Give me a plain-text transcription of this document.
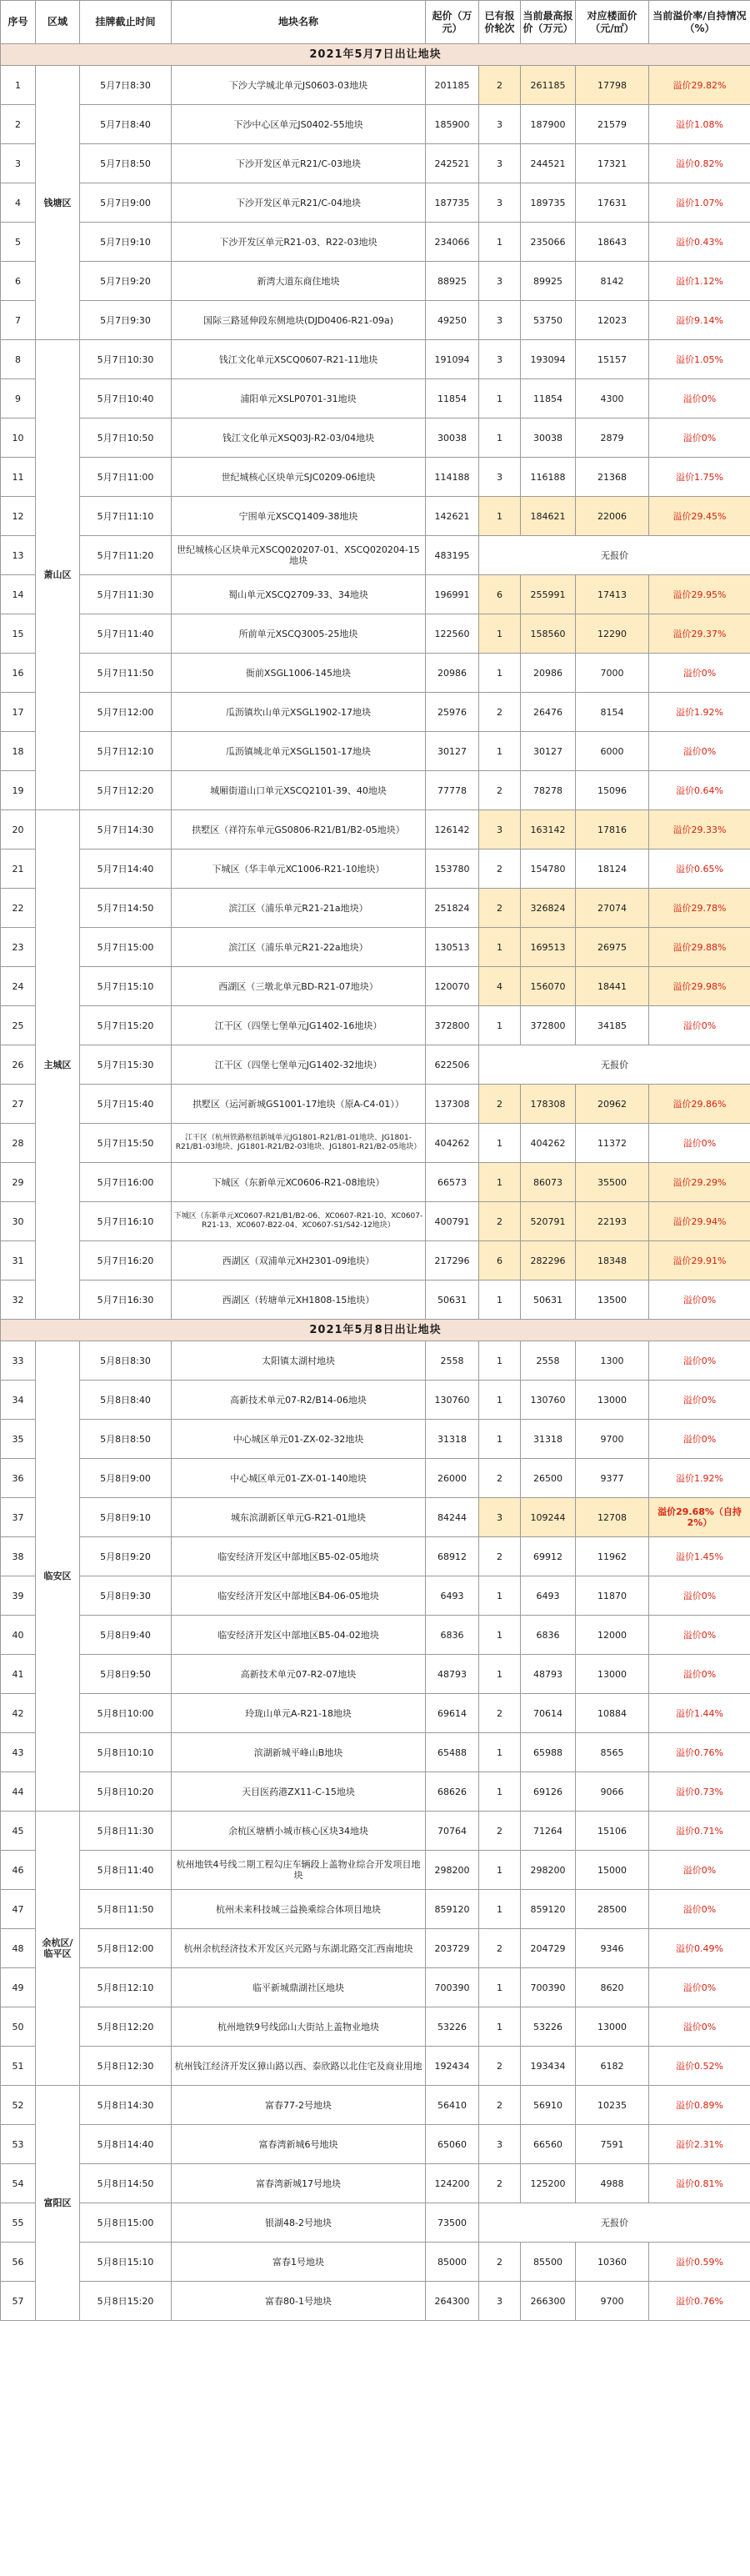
序号	区域	挂牌截止时间	地块名称	起价（万元）	已有报价轮次	当前最高报价（万元）	对应楼面价（元/㎡）	当前溢价率/自持情况（%）
2021年5月7日出让地块								
1	钱塘区	5月7日8:30	下沙大学城北单元JS0603-03地块	201185	2	261185	17798	溢价29.82%
2		5月7日8:40	下沙中心区单元JS0402-55地块	185900	3	187900	21579	溢价1.08%
3		5月7日8:50	下沙开发区单元R21/C-03地块	242521	3	244521	17321	溢价0.82%
4		5月7日9:00	下沙开发区单元R21/C-04地块	187735	3	189735	17631	溢价1.07%
5		5月7日9:10	下沙开发区单元R21-03、R22-03地块	234066	1	235066	18643	溢价0.43%
6		5月7日9:20	新湾大道东商住地块	88925	3	89925	8142	溢价1.12%
7		5月7日9:30	国际三路延伸段东侧地块(DJD0406-R21-09a)	49250	3	53750	12023	溢价9.14%
8	萧山区	5月7日10:30	钱江文化单元XSCQ0607-R21-11地块	191094	3	193094	15157	溢价1.05%
9		5月7日10:40	浦阳单元XSLP0701-31地块	11854	1	11854	4300	溢价0%
10		5月7日10:50	钱江文化单元XSQ03J-R2-03/04地块	30038	1	30038	2879	溢价0%
11		5月7日11:00	世纪城核心区块单元SJC0209-06地块	114188	3	116188	21368	溢价1.75%
12		5月7日11:10	宁围单元XSCQ1409-38地块	142621	1	184621	22006	溢价29.45%
13		5月7日11:20	世纪城核心区块单元XSCQ020207-01、XSCQ020204-15地块	483195	无报价			
14		5月7日11:30	蜀山单元XSCQ2709-33、34地块	196991	6	255991	17413	溢价29.95%
15		5月7日11:40	所前单元XSCQ3005-25地块	122560	1	158560	12290	溢价29.37%
16		5月7日11:50	衙前XSGL1006-145地块	20986	1	20986	7000	溢价0%
17		5月7日12:00	瓜沥镇坎山单元XSGL1902-17地块	25976	2	26476	8154	溢价1.92%
18		5月7日12:10	瓜沥镇城北单元XSGL1501-17地块	30127	1	30127	6000	溢价0%
19		5月7日12:20	城厢街道山口单元XSCQ2101-39、40地块	77778	2	78278	15096	溢价0.64%
20	主城区	5月7日14:30	拱墅区（祥符东单元GS0806-R21/B1/B2-05地块）	126142	3	163142	17816	溢价29.33%
21		5月7日14:40	下城区（华丰单元XC1006-R21-10地块）	153780	2	154780	18124	溢价0.65%
22		5月7日14:50	滨江区（浦乐单元R21-21a地块）	251824	2	326824	27074	溢价29.78%
23		5月7日15:00	滨江区（浦乐单元R21-22a地块）	130513	1	169513	26975	溢价29.88%
24		5月7日15:10	西湖区（三墩北单元BD-R21-07地块）	120070	4	156070	18441	溢价29.98%
25		5月7日15:20	江干区（四堡七堡单元JG1402-16地块）	372800	1	372800	34185	溢价0%
26		5月7日15:30	江干区（四堡七堡单元JG1402-32地块）	622506	无报价			
27		5月7日15:40	拱墅区（运河新城GS1001-17地块（原A-C4-01））	137308	2	178308	20962	溢价29.86%
28		5月7日15:50	江干区（杭州铁路枢纽新城单元JG1801-R21/B1-01地块、JG1801-R21/B1-03地块、JG1801-R21/B2-03地块、JG1801-R21/B2-05地块）	404262	1	404262	11372	溢价0%
29		5月7日16:00	下城区（东新单元XC0606-R21-08地块）	66573	1	86073	35500	溢价29.29%
30		5月7日16:10	下城区（东新单元XC0607-R21/B1/B2-06、XC0607-R21-10、XC0607-R21-13、XC0607-B22-04、XC0607-S1/S42-12地块）	400791	2	520791	22193	溢价29.94%
31		5月7日16:20	西湖区（双浦单元XH2301-09地块）	217296	6	282296	18348	溢价29.91%
32		5月7日16:30	西湖区（转塘单元XH1808-15地块）	50631	1	50631	13500	溢价0%
2021年5月8日出让地块								
33	临安区	5月8日8:30	太阳镇太湖村地块	2558	1	2558	1300	溢价0%
34		5月8日8:40	高新技术单元07-R2/B14-06地块	130760	1	130760	13000	溢价0%
35		5月8日8:50	中心城区单元01-ZX-02-32地块	31318	1	31318	9700	溢价0%
36		5月8日9:00	中心城区单元01-ZX-01-140地块	26000	2	26500	9377	溢价1.92%
37		5月8日9:10	城东滨湖新区单元G-R21-01地块	84244	3	109244	12708	溢价29.68%（自持2%）
38		5月8日9:20	临安经济开发区中部地区B5-02-05地块	68912	2	69912	11962	溢价1.45%
39		5月8日9:30	临安经济开发区中部地区B4-06-05地块	6493	1	6493	11870	溢价0%
40		5月8日9:40	临安经济开发区中部地区B5-04-02地块	6836	1	6836	12000	溢价0%
41		5月8日9:50	高新技术单元07-R2-07地块	48793	1	48793	13000	溢价0%
42		5月8日10:00	玲珑山单元A-R21-18地块	69614	2	70614	10884	溢价1.44%
43		5月8日10:10	滨湖新城平峰山B地块	65488	1	65988	8565	溢价0.76%
44		5月8日10:20	天目医药港ZX11-C-15地块	68626	1	69126	9066	溢价0.73%
45	余杭区/临平区	5月8日11:30	余杭区塘栖小城市核心区块34地块	70764	2	71264	15106	溢价0.71%
46		5月8日11:40	杭州地铁4号线二期工程勾庄车辆段上盖物业综合开发项目地块	298200	1	298200	15000	溢价0%
47		5月8日11:50	杭州未来科技城三益换乘综合体项目地块	859120	1	859120	28500	溢价0%
48		5月8日12:00	杭州余杭经济技术开发区兴元路与东湖北路交汇西南地块	203729	2	204729	9346	溢价0.49%
49		5月8日12:10	临平新城鼎湖社区地块	700390	1	700390	8620	溢价0%
50		5月8日12:20	杭州地铁9号线邱山大街站上盖物业地块	53226	1	53226	13000	溢价0%
51		5月8日12:30	杭州钱江经济开发区獐山路以西、泰欣路以北住宅及商业用地	192434	2	193434	6182	溢价0.52%
52	富阳区	5月8日14:30	富春77-2号地块	56410	2	56910	10235	溢价0.89%
53		5月8日14:40	富春湾新城6号地块	65060	3	66560	7591	溢价2.31%
54		5月8日14:50	富春湾新城17号地块	124200	2	125200	4988	溢价0.81%
55		5月8日15:00	银湖48-2号地块	73500	无报价			
56		5月8日15:10	富春1号地块	85000	2	85500	10360	溢价0.59%
57		5月8日15:20	富春80-1号地块	264300	3	266300	9700	溢价0.76%
